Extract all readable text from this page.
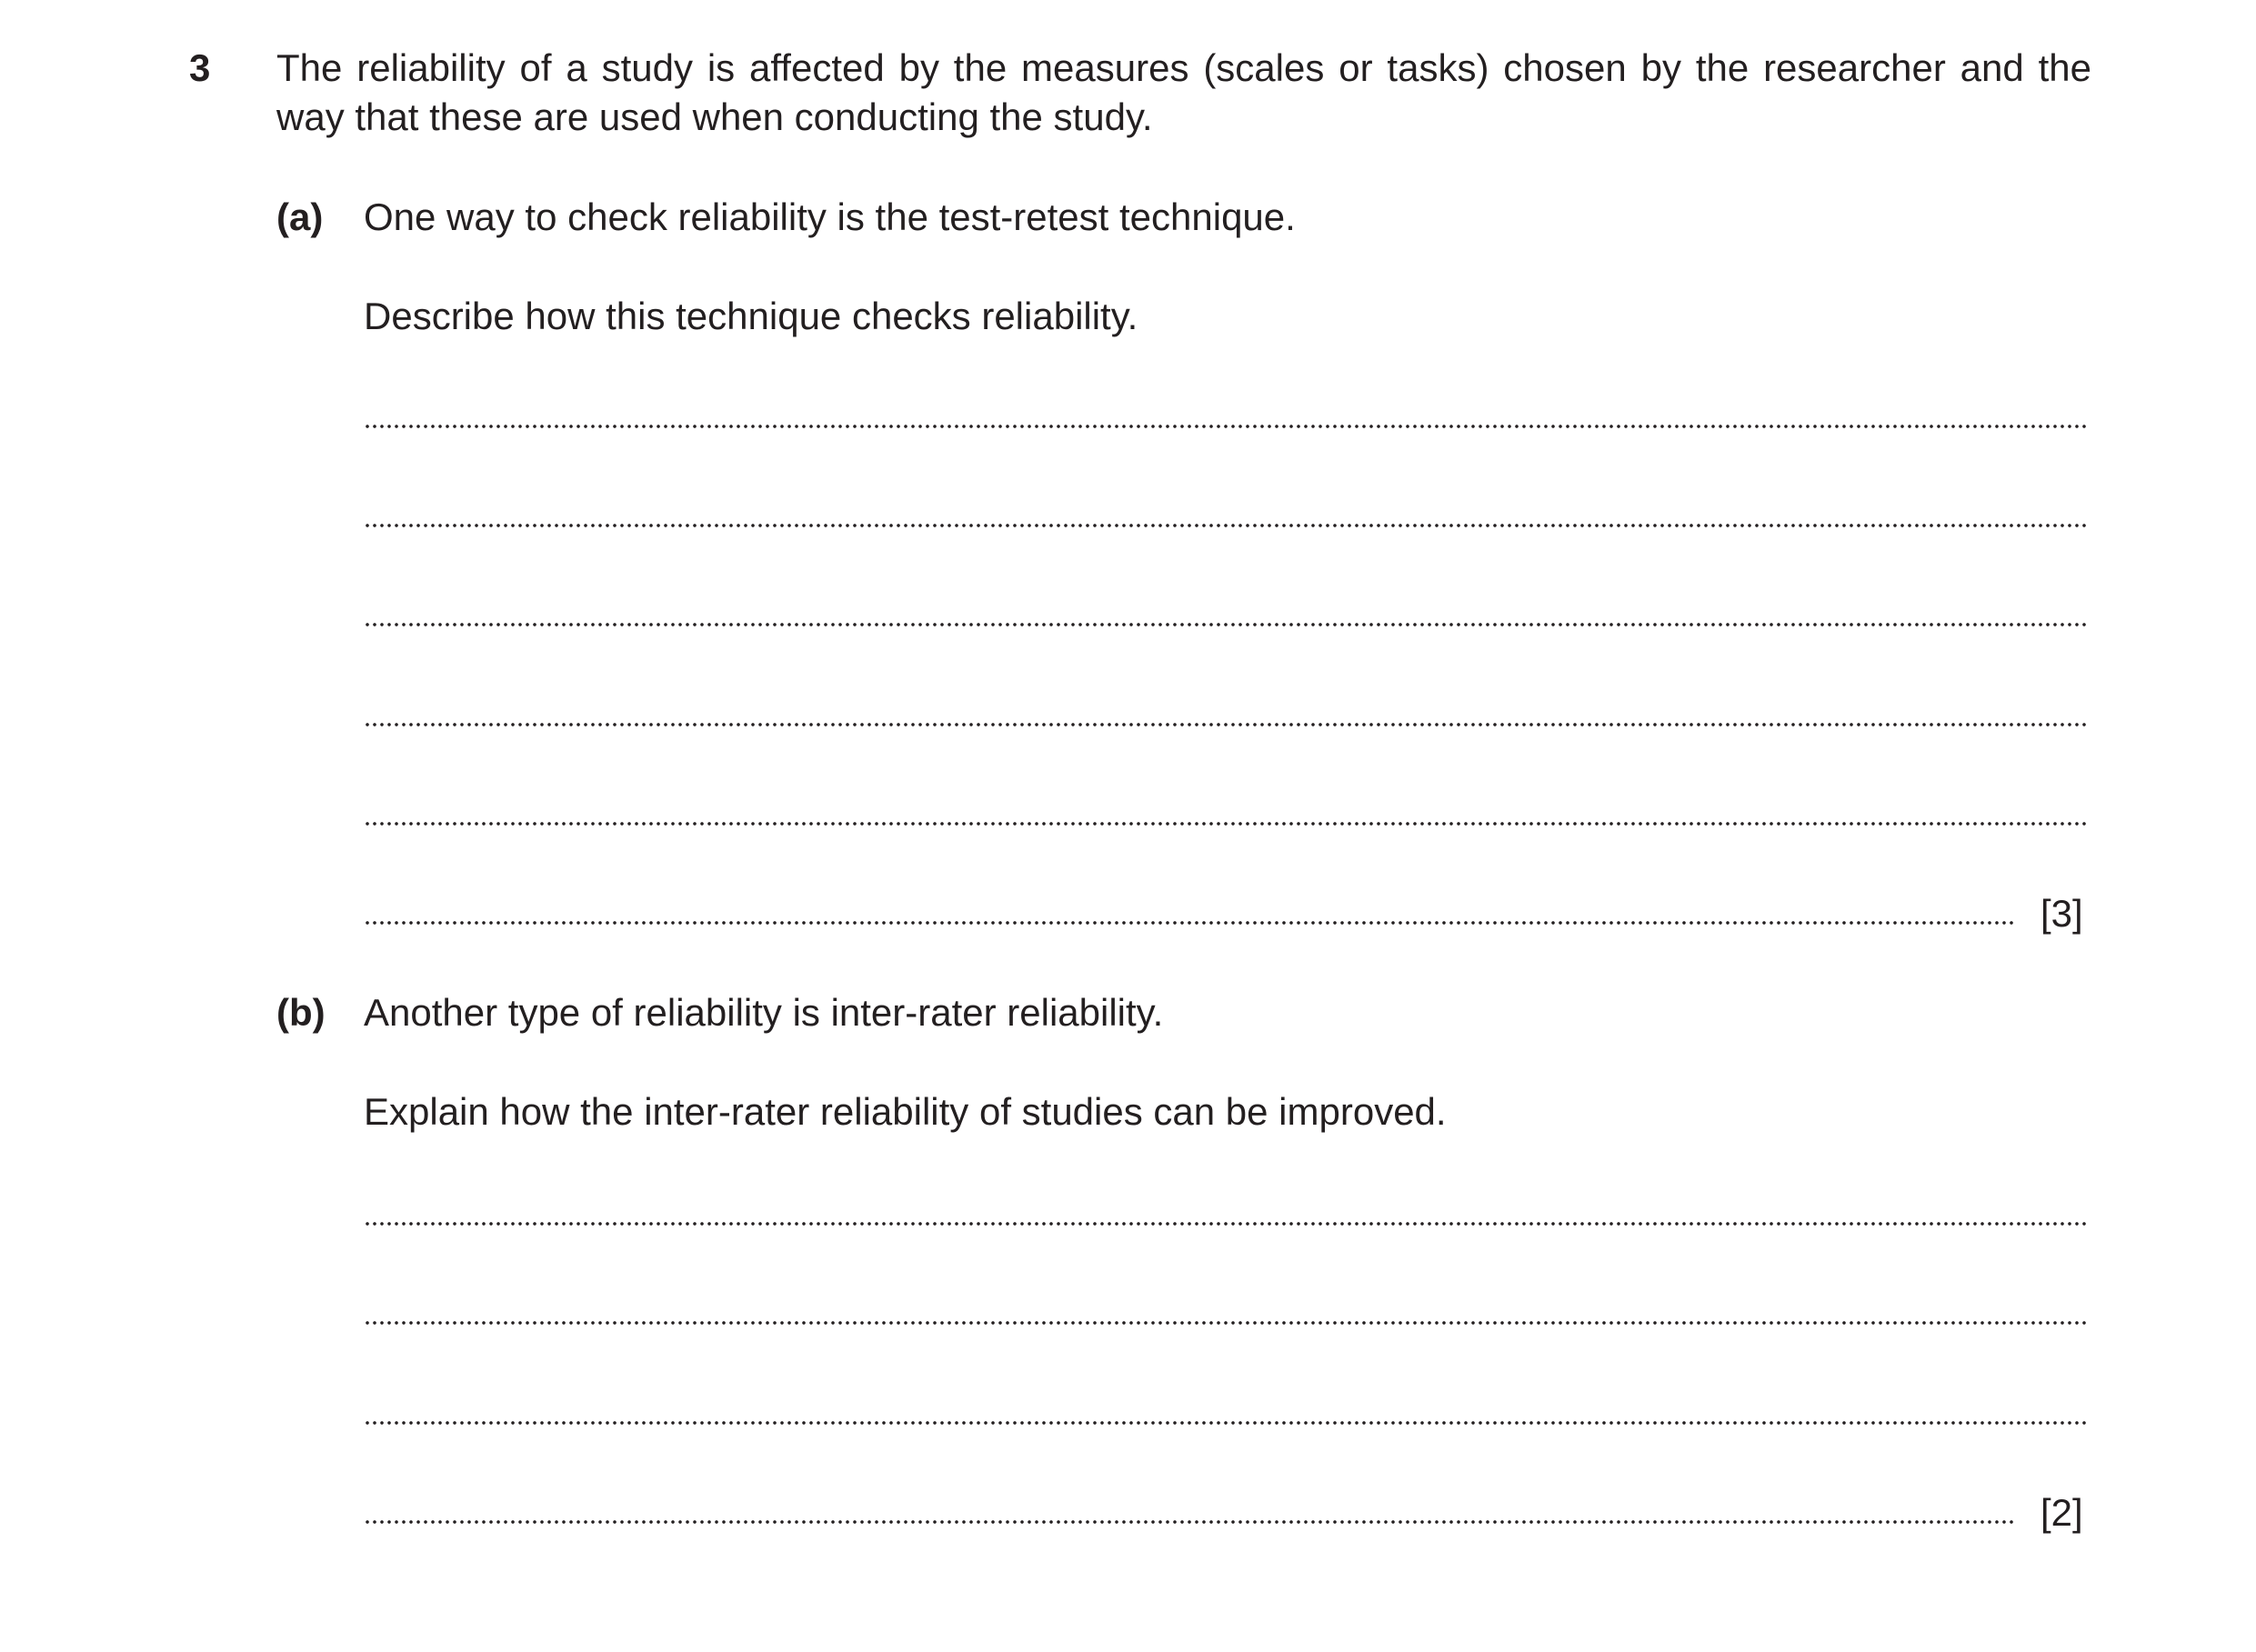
3 The reliability of a study is affected by the measures (scales or tasks) chosen by the researcher and the way that these are used when conducting the study.
(a) One way to check reliability is the test-retest technique.
Describe how this technique checks reliability.
[3]
(b) Another type of reliability is inter-rater reliability.
Explain how the inter-rater reliability of studies can be improved.
[2]
